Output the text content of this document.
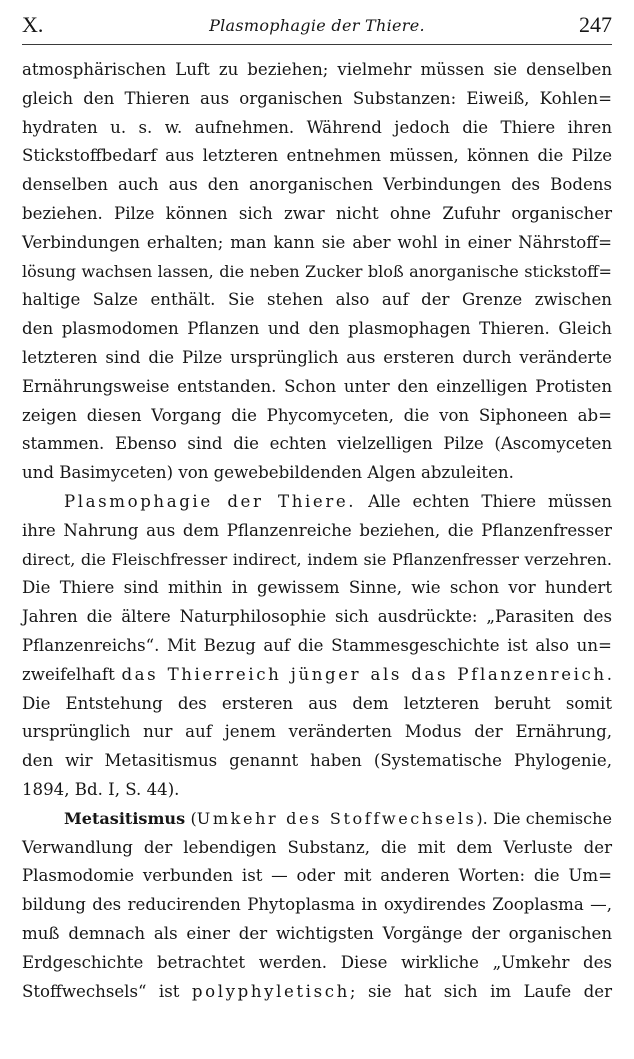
X.	Plasmophagie der Thiere.	247
atmosphärischen Luft zu beziehen; vielmehr müssen sie denselben
gleich den Thieren aus organischen Substanzen: Eiweiß, Kohlen=
hydraten u. s. w. aufnehmen. Während jedoch die Thiere ihren
Stickstoffbedarf aus letzteren entnehmen müssen, können die Pilze
denselben auch aus den anorganischen Verbindungen des Bodens
beziehen. Pilze können sich zwar nicht ohne Zufuhr organischer
Verbindungen erhalten; man kann sie aber wohl in einer Nährstoff=
lösung wachsen lassen, die neben Zucker bloß anorganische stickstoff=
haltige Salze enthält. Sie stehen also auf der Grenze zwischen
den plasmodomen Pflanzen und den plasmophagen Thieren. Gleich
letzteren sind die Pilze ursprünglich aus ersteren durch veränderte
Ernährungsweise entstanden. Schon unter den einzelligen Protisten
zeigen diesen Vorgang die Phycomyceten, die von Siphoneen ab=
stammen. Ebenso sind die echten vielzelligen Pilze (Ascomyceten
und Basimyceten) von gewebebildenden Algen abzuleiten.
Plasmophagie der Thiere. Alle echten Thiere müssen
ihre Nahrung aus dem Pflanzenreiche beziehen, die Pflanzenfresser
direct, die Fleischfresser indirect, indem sie Pflanzenfresser verzehren.
Die Thiere sind mithin in gewissem Sinne, wie schon vor hundert
Jahren die ältere Naturphilosophie sich ausdrückte: „Parasiten des
Pflanzenreichs“. Mit Bezug auf die Stammesgeschichte ist also un=
zweifelhaft das Thierreich jünger als das Pflanzenreich.
Die Entstehung des ersteren aus dem letzteren beruht somit
ursprünglich nur auf jenem veränderten Modus der Ernährung,
den wir Metasitismus genannt haben (Systematische Phylogenie,
1894, Bd. I, S. 44).
Metasitismus (Umkehr des Stoffwechsels). Die chemische
Verwandlung der lebendigen Substanz, die mit dem Verluste der
Plasmodomie verbunden ist — oder mit anderen Worten: die Um=
bildung des reducirenden Phytoplasma in oxydirendes Zooplasma —,
muß demnach als einer der wichtigsten Vorgänge der organischen
Erdgeschichte betrachtet werden. Diese wirkliche „Umkehr des
Stoffwechsels“ ist polyphyletisch; sie hat sich im Laufe der
